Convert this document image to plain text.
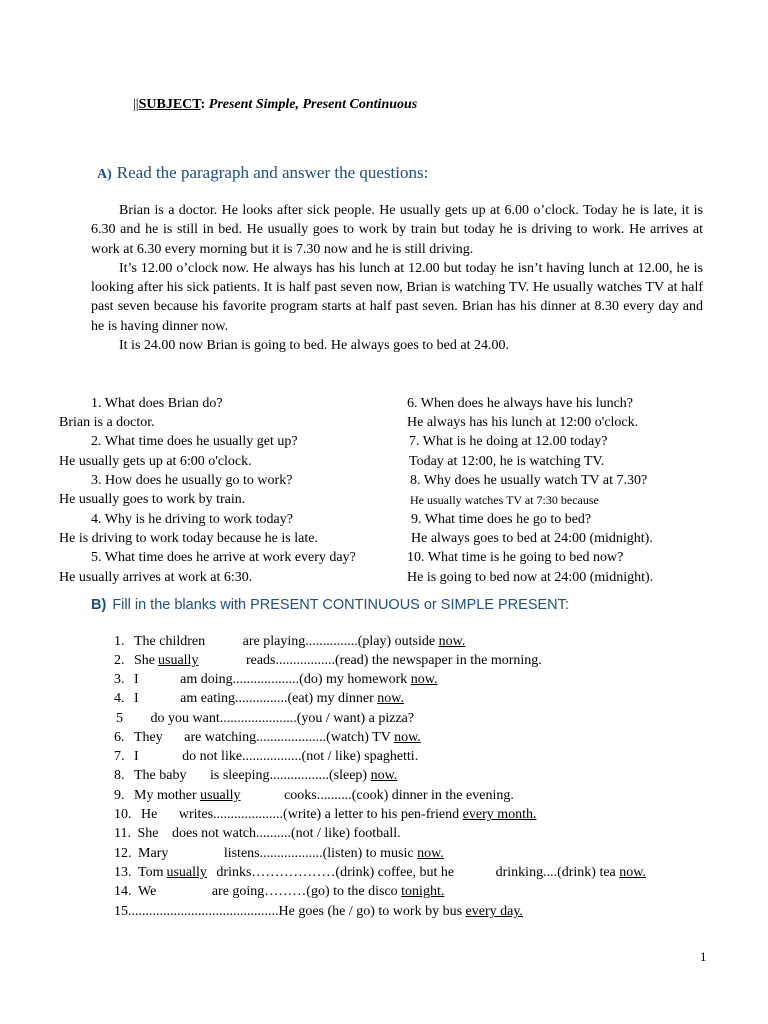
||SUBJECT: Present Simple, Present Continuous
A) Read the paragraph and answer the questions:

Brian is a doctor. He looks after sick people. He usually gets up at 6.00 o’clock. Today he is late, it is 6.30 and he is still in bed. He usually goes to work by train but today he is driving to work. He arrives at work at 6.30 every morning but it is 7.30 now and he is still driving.

It’s 12.00 o’clock now. He always has his lunch at 12.00 but today he isn’t having lunch at 12.00, he is looking after his sick patients. It is half past seven now, Brian is watching TV. He usually watches TV at half past seven because his favorite program starts at half past seven. Brian has his dinner at 8.30 every day and he is having dinner now.

It is 24.00 now Brian is going to bed. He always goes to bed at 24.00.

1. What does Brian do?
Brian is a doctor.
2. What time does he usually get up?
He usually gets up at 6:00 o'clock.
3. How does he usually go to work?
He usually goes to work by train.
4. Why is he driving to work today?
He is driving to work today because he is late.
5. What time does he arrive at work every day?
He usually arrives at work at 6:30.
6. When does he always have his lunch?
He always has his lunch at 12:00 o'clock.
7. What is he doing at 12.00 today?
Today at 12:00, he is watching TV.
8. Why does he usually watch TV at 7.30?
He usually watches TV at 7:30 because
9. What time does he go to bed?
He always goes to bed at 24:00 (midnight).
10. What time is he going to bed now?
He is going to bed now at 24:00 (midnight).
B) Fill in the blanks with PRESENT CONTINUOUS or SIMPLE PRESENT:
1. The children	are playing...............(play) outside now.
2. She usually	reads.................(read) the newspaper in the morning.
3. I	am doing...................(do) my homework now.
4. I	am eating...............(eat) my dinner now.
5 do you want......................(you / want) a pizza?
6. They are watching....................(watch) TV now.
7. I	do not like.................(not / like) spaghetti.
8. The baby is sleeping.................(sleep) now.
9. My mother usually	cooks..........(cook) dinner in the evening.
10. He writes....................(write) a letter to his pen-friend every month.
11. She does not watch..........(not / like) football.
12. Mary	listens..................(listen) to music now.
13. Tom usually drinks………………(drink) coffee, but he	drinking....(drink) tea now.
14. We	are going………(go) to the disco tonight.
15...........................................He goes (he / go) to work by bus every day.
1
